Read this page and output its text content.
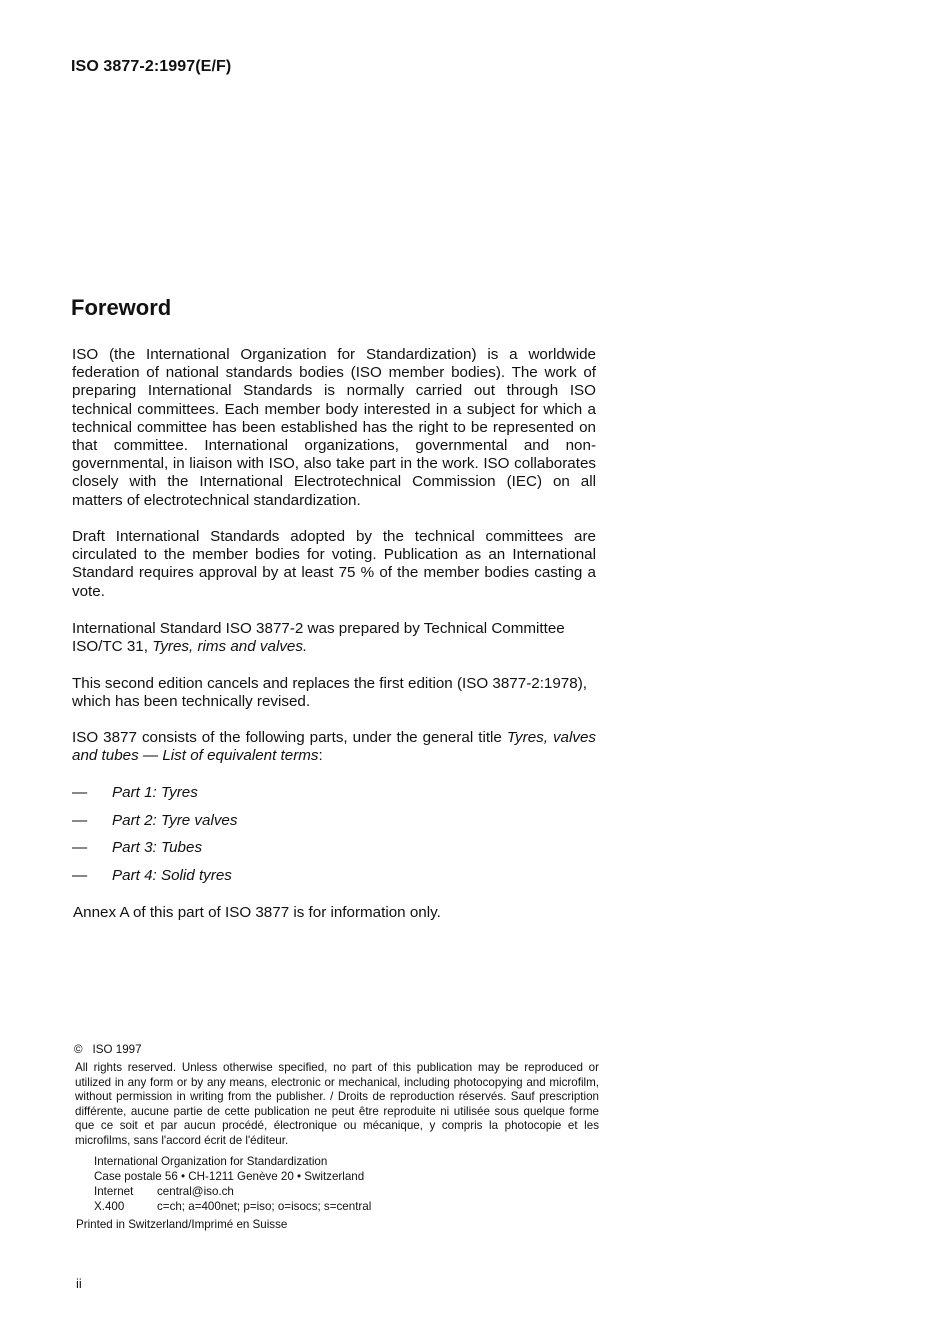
ISO 3877-2:1997(E/F)
Foreword

ISO (the International Organization for Standardization) is a worldwide federation of national standards bodies (ISO member bodies). The work of preparing International Standards is normally carried out through ISO technical committees. Each member body interested in a subject for which a technical committee has been established has the right to be represented on that committee. International organizations, governmental and non-governmental, in liaison with ISO, also take part in the work. ISO collaborates closely with the International Electrotechnical Commission (IEC) on all matters of electrotechnical standardization.

Draft International Standards adopted by the technical committees are circulated to the member bodies for voting. Publication as an International Standard requires approval by at least 75 % of the member bodies casting a vote.

International Standard ISO 3877-2 was prepared by Technical Committee ISO/TC 31, Tyres, rims and valves.

This second edition cancels and replaces the first edition (ISO 3877-2:1978), which has been technically revised.

ISO 3877 consists of the following parts, under the general title Tyres, valves and tubes — List of equivalent terms:

—	Part 1: Tyres
—	Part 2: Tyre valves
—	Part 3: Tubes
—	Part 4: Solid tyres
Annex A of this part of ISO 3877 is for information only.
© ISO 1997

All rights reserved. Unless otherwise specified, no part of this publication may be reproduced or utilized in any form or by any means, electronic or mechanical, including photocopying and microfilm, without permission in writing from the publisher. / Droits de reproduction réservés. Sauf prescription différente, aucune partie de cette publication ne peut être reproduite ni utilisée sous quelque forme que ce soit et par aucun procédé, électronique ou mécanique, y compris la photocopie et les microfilms, sans l'accord écrit de l'éditeur.

International Organization for Standardization
Case postale 56 • CH-1211 Genève 20 • Switzerland
Internet central@iso.ch
X.400	c=ch; a=400net; p=iso; o=isocs; s=central
Printed in Switzerland/Imprimé en Suisse
ii
